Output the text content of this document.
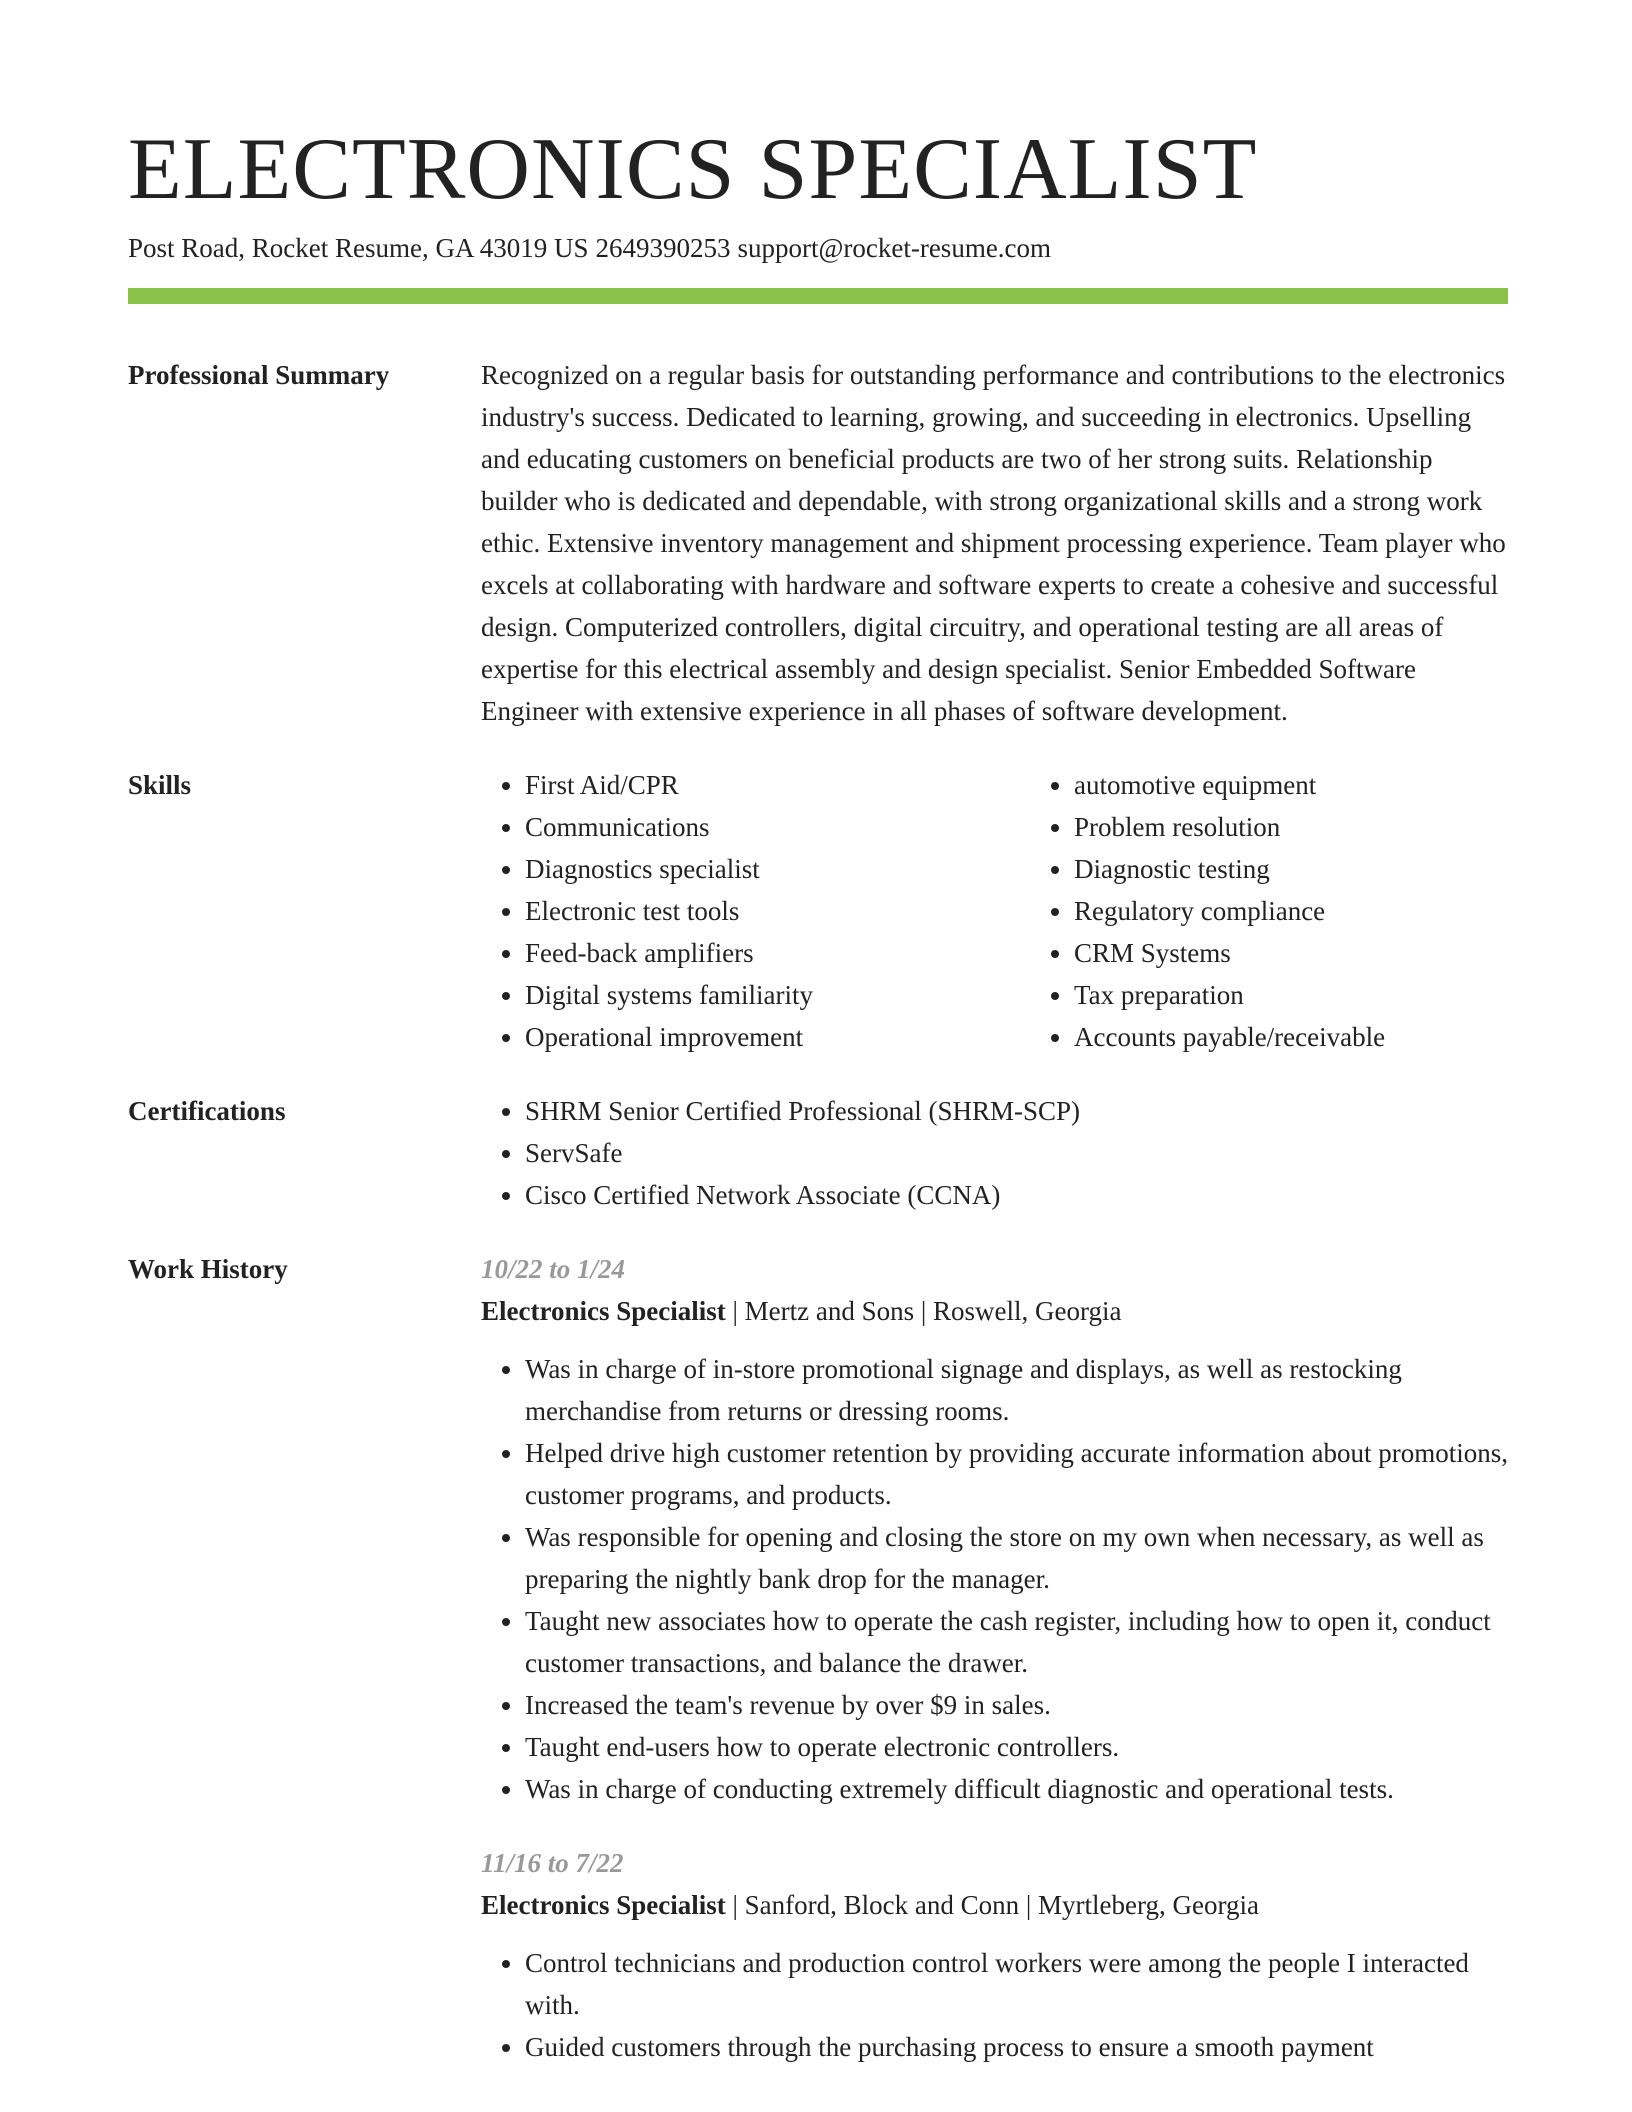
ELECTRONICS SPECIALIST
Post Road, Rocket Resume, GA 43019 US 2649390253 support@rocket-resume.com
Professional Summary	Recognized on a regular basis for outstanding performance and contributions to the electronics industry's success. Dedicated to learning, growing, and succeeding in electronics. Upselling and educating customers on beneficial products are two of her strong suits. Relationship builder who is dedicated and dependable, with strong organizational skills and a strong work ethic. Extensive inventory management and shipment processing experience. Team player who excels at collaborating with hardware and software experts to create a cohesive and successful design. Computerized controllers, digital circuitry, and operational testing are all areas of expertise for this electrical assembly and design specialist. Senior Embedded Software Engineer with extensive experience in all phases of software development.

Skills	• First Aid/CPR
• Communications
• Diagnostics specialist
• Electronic test tools
• Feed-back amplifiers
• Digital systems familiarity
• Operational improvement
• automotive equipment
• Problem resolution
• Diagnostic testing
• Regulatory compliance
• CRM Systems
• Tax preparation
• Accounts payable/receivable
Certifications	• SHRM Senior Certified Professional (SHRM-SCP)
• ServSafe
• Cisco Certified Network Associate (CCNA)
Work History	10/22 to 1/24
Electronics Specialist | Mertz and Sons | Roswell, Georgia
• Was in charge of in-store promotional signage and displays, as well as restocking merchandise from returns or dressing rooms.
• Helped drive high customer retention by providing accurate information about promotions, customer programs, and products.
• Was responsible for opening and closing the store on my own when necessary, as well as preparing the nightly bank drop for the manager.
• Taught new associates how to operate the cash register, including how to open it, conduct customer transactions, and balance the drawer.
• Increased the team's revenue by over $9 in sales.
• Taught end-users how to operate electronic controllers.
• Was in charge of conducting extremely difficult diagnostic and operational tests.
11/16 to 7/22
Electronics Specialist | Sanford, Block and Conn | Myrtleberg, Georgia
• Control technicians and production control workers were among the people I interacted with.
• Guided customers through the purchasing process to ensure a smooth payment
